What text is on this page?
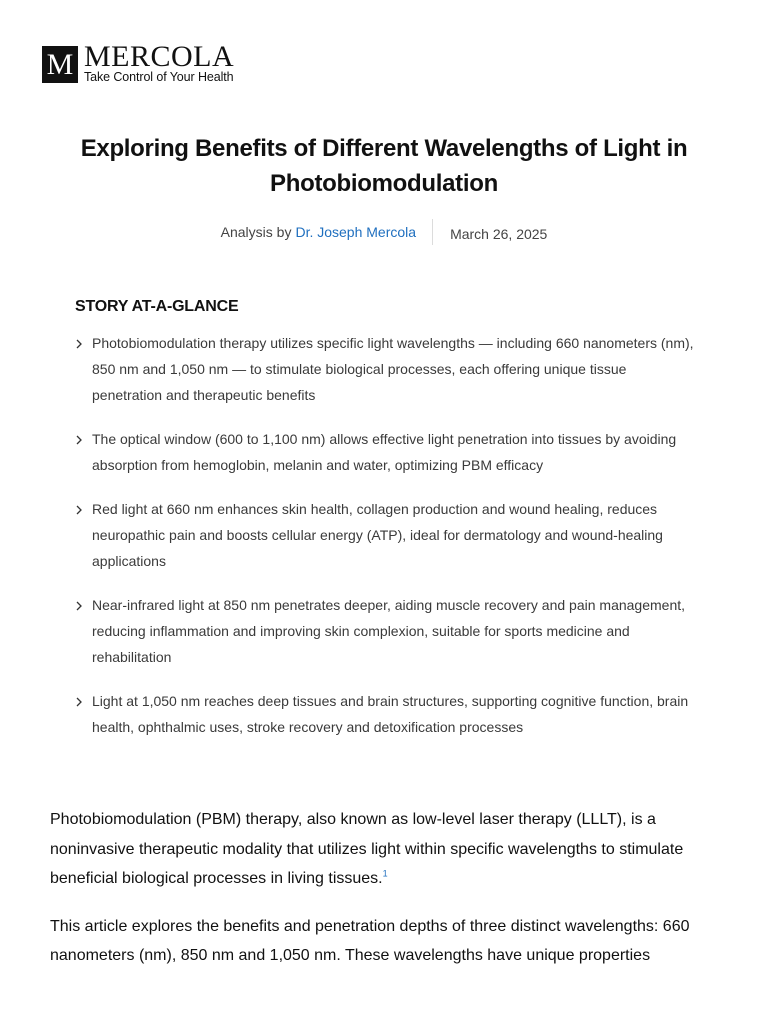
M MERCOLA
Take Control of Your Health
Exploring Benefits of Different Wavelengths of Light in Photobiomodulation
Analysis by Dr. Joseph Mercola March 26, 2025
STORY AT-A-GLANCE
Photobiomodulation therapy utilizes specific light wavelengths — including 660 nanometers (nm), 850 nm and 1,050 nm — to stimulate biological processes, each offering unique tissue penetration and therapeutic benefits
The optical window (600 to 1,100 nm) allows effective light penetration into tissues by avoiding absorption from hemoglobin, melanin and water, optimizing PBM efficacy
Red light at 660 nm enhances skin health, collagen production and wound healing, reduces neuropathic pain and boosts cellular energy (ATP), ideal for dermatology and wound-healing applications
Near-infrared light at 850 nm penetrates deeper, aiding muscle recovery and pain management, reducing inflammation and improving skin complexion, suitable for sports medicine and rehabilitation
Light at 1,050 nm reaches deep tissues and brain structures, supporting cognitive function, brain health, ophthalmic uses, stroke recovery and detoxification processes

Photobiomodulation (PBM) therapy, also known as low-level laser therapy (LLLT), is a noninvasive therapeutic modality that utilizes light within specific wavelengths to stimulate beneficial biological processes in living tissues.$^1$

This article explores the benefits and penetration depths of three distinct wavelengths: 660 nanometers (nm), 850 nm and 1,050 nm. These wavelengths have unique properties
